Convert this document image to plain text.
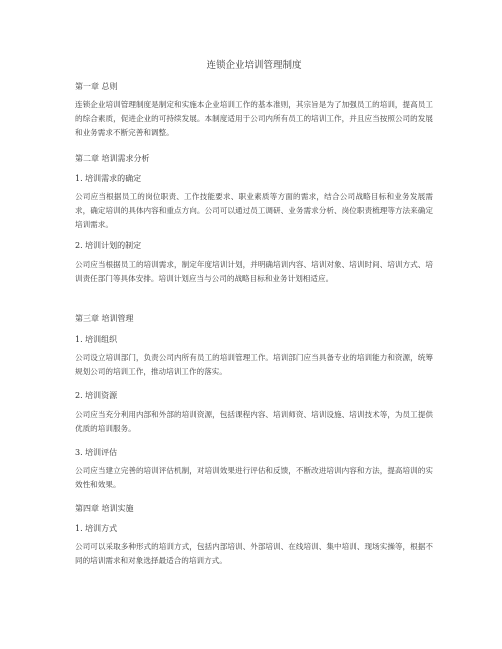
连锁企业培训管理制度
第一章 总则
连锁企业培训管理制度是制定和实施本企业培训工作的基本准则，其宗旨是为了加强员工的培训，提高员工的综合素质，促进企业的可持续发展。本制度适用于公司内所有员工的培训工作，并且应当按照公司的发展和业务需求不断完善和调整。
第二章 培训需求分析
1. 培训需求的确定
公司应当根据员工的岗位职责、工作技能要求、职业素质等方面的需求，结合公司战略目标和业务发展需求，确定培训的具体内容和重点方向。公司可以通过员工调研、业务需求分析、岗位职责梳理等方法来确定培训需求。
2. 培训计划的制定
公司应当根据员工的培训需求，制定年度培训计划，并明确培训内容、培训对象、培训时间、培训方式、培训责任部门等具体安排。培训计划应当与公司的战略目标和业务计划相适应。
第三章 培训管理
1. 培训组织
公司设立培训部门，负责公司内所有员工的培训管理工作。培训部门应当具备专业的培训能力和资源，统筹规划公司的培训工作，推动培训工作的落实。
2. 培训资源
公司应当充分利用内部和外部的培训资源，包括课程内容、培训师资、培训设施、培训技术等，为员工提供优质的培训服务。
3. 培训评估
公司应当建立完善的培训评估机制，对培训效果进行评估和反馈，不断改进培训内容和方法，提高培训的实效性和效果。
第四章 培训实施
1. 培训方式
公司可以采取多种形式的培训方式，包括内部培训、外部培训、在线培训、集中培训、现场实操等，根据不同的培训需求和对象选择最适合的培训方式。
